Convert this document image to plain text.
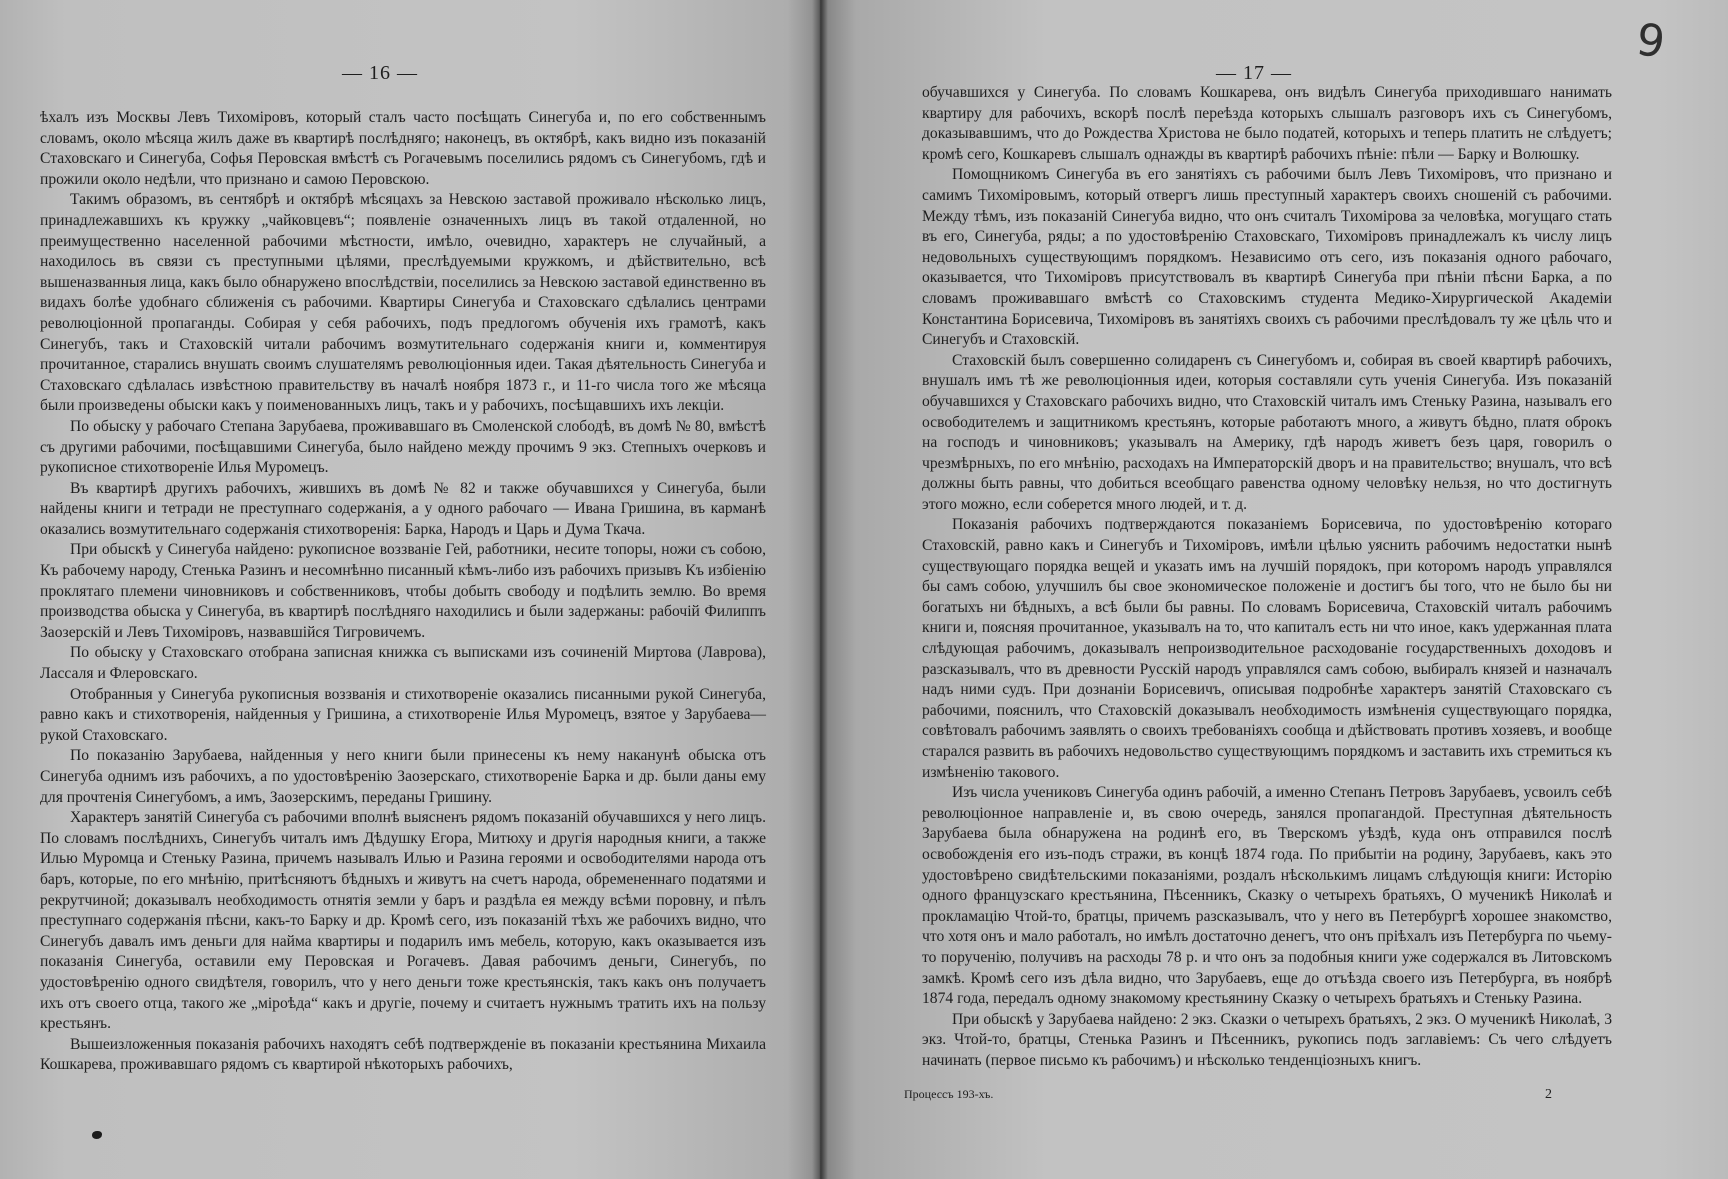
— 16 —

ѣхалъ изъ Москвы Левъ Тихоміровъ, который сталъ часто посѣщать Синегуба и, по его собственнымъ словамъ, около мѣсяца жилъ даже въ квартирѣ послѣдняго; наконецъ, въ октябрѣ, какъ видно изъ показаній Стаховскаго и Синегуба, Софья Перовская вмѣстѣ съ Рогачевымъ поселились рядомъ съ Синегубомъ, гдѣ и прожили около недѣли, что признано и самою Перовскою.

Такимъ образомъ, въ сентябрѣ и октябрѣ мѣсяцахъ за Невскою заставой проживало нѣсколько лицъ, принадлежавшихъ къ кружку „чайковцевъ“; появленіе означенныхъ лицъ въ такой отдаленной, но преимущественно населенной рабочими мѣстности, имѣло, очевидно, характеръ не случайный, а находилось въ связи съ преступными цѣлями, преслѣдуемыми кружкомъ, и дѣйствительно, всѣ вышеназванныя лица, какъ было обнаружено впослѣдствіи, поселились за Невскою заставой единственно въ видахъ болѣе удобнаго сближенія съ рабочими. Квартиры Синегуба и Стаховскаго сдѣлались центрами революціонной пропаганды. Собирая у себя рабочихъ, подъ предлогомъ обученія ихъ грамотѣ, какъ Синегубъ, такъ и Стаховскій читали рабочимъ возмутительнаго содержанія книги и, комментируя прочитанное, старались внушать своимъ слушателямъ революціонныя идеи. Такая дѣятельность Синегуба и Стаховскаго сдѣлалась извѣстною правительству въ началѣ ноября 1873 г., и 11-го числа того же мѣсяца были произведены обыски какъ у поименованныхъ лицъ, такъ и у рабочихъ, посѣщавшихъ ихъ лекціи.

По обыску у рабочаго Степана Зарубаева, проживавшаго въ Смоленской слободѣ, въ домѣ № 80, вмѣстѣ съ другими рабочими, посѣщавшими Синегуба, было найдено между прочимъ 9 экз. Степныхъ очерковъ и рукописное стихотвореніе Илья Муромецъ.

Въ квартирѣ другихъ рабочихъ, жившихъ въ домѣ № 82 и также обучавшихся у Синегуба, были найдены книги и тетради не преступнаго содержанія, а у одного рабочаго — Ивана Гришина, въ карманѣ оказались возмутительнаго содержанія стихотворенія: Барка, Народъ и Царь и Дума Ткача.

При обыскѣ у Синегуба найдено: рукописное воззваніе Гей, работники, несите топоры, ножи съ собою, Къ рабочему народу, Стенька Разинъ и несомнѣнно писанный кѣмъ-либо изъ рабочихъ призывъ Къ избіенію проклятаго племени чиновниковъ и собственниковъ, чтобы добыть свободу и подѣлить землю. Во время производства обыска у Синегуба, въ квартирѣ послѣдняго находились и были задержаны: рабочій Филиппъ Заозерскій и Левъ Тихоміровъ, назвавшійся Тигровичемъ.

По обыску у Стаховскаго отобрана записная книжка съ выписками изъ сочиненій Миртова (Лаврова), Лассаля и Флеровскаго.

Отобранныя у Синегуба рукописныя воззванія и стихотвореніе оказались писанными рукой Синегуба, равно какъ и стихотворенія, найденныя у Гришина, а стихотвореніе Илья Муромецъ, взятое у Зарубаева—рукой Стаховскаго.

По показанію Зарубаева, найденныя у него книги были принесены къ нему наканунѣ обыска отъ Синегуба однимъ изъ рабочихъ, а по удостовѣренію Заозерскаго, стихотвореніе Барка и др. были даны ему для прочтенія Синегубомъ, а имъ, Заозерскимъ, переданы Гришину.

Характеръ занятій Синегуба съ рабочими вполнѣ выясненъ рядомъ показаній обучавшихся у него лицъ. По словамъ послѣднихъ, Синегубъ читалъ имъ Дѣдушку Егора, Митюху и другія народныя книги, а также Илью Муромца и Стеньку Разина, причемъ называлъ Илью и Разина героями и освободителями народа отъ баръ, которые, по его мнѣнію, притѣсняютъ бѣдныхъ и живутъ на счетъ народа, обремененнаго податями и рекрутчиной; доказывалъ необходимость отнятія земли у баръ и раздѣла ея между всѣми поровну, и пѣлъ преступнаго содержанія пѣсни, какъ-то Барку и др. Кромѣ сего, изъ показаній тѣхъ же рабочихъ видно, что Синегубъ давалъ имъ деньги для найма квартиры и подарилъ имъ мебель, которую, какъ оказывается изъ показанія Синегуба, оставили ему Перовская и Рогачевъ. Давая рабочимъ деньги, Синегубъ, по удостовѣренію одного свидѣтеля, говорилъ, что у него деньги тоже крестьянскія, такъ какъ онъ получаетъ ихъ отъ своего отца, такого же „міроѣда“ какъ и другіе, почему и считаетъ нужнымъ тратить ихъ на пользу крестьянъ.

Вышеизложенныя показанія рабочихъ находятъ себѣ подтвержденіе въ показаніи крестьянина Михаила Кошкарева, проживавшаго рядомъ съ квартирой нѣкоторыхъ рабочихъ,

— 17 —

обучавшихся у Синегуба. По словамъ Кошкарева, онъ видѣлъ Синегуба приходившаго нанимать квартиру для рабочихъ, вскорѣ послѣ переѣзда которыхъ слышалъ разговоръ ихъ съ Синегубомъ, доказывавшимъ, что до Рождества Христова не было податей, которыхъ и теперь платить не слѣдуетъ; кромѣ сего, Кошкаревъ слышалъ однажды въ квартирѣ рабочихъ пѣніе: пѣли — Барку и Волюшку.

Помощникомъ Синегуба въ его занятіяхъ съ рабочими былъ Левъ Тихоміровъ, что признано и самимъ Тихоміровымъ, который отвергъ лишь преступный характеръ своихъ сношеній съ рабочими. Между тѣмъ, изъ показаній Синегуба видно, что онъ считалъ Тихомірова за человѣка, могущаго стать въ его, Синегуба, ряды; а по удостовѣренію Стаховскаго, Тихоміровъ принадлежалъ къ числу лицъ недовольныхъ существующимъ порядкомъ. Независимо отъ сего, изъ показанія одного рабочаго, оказывается, что Тихоміровъ присутствовалъ въ квартирѣ Синегуба при пѣніи пѣсни Барка, а по словамъ проживавшаго вмѣстѣ со Стаховскимъ студента Медико-Хирургической Академіи Константина Борисевича, Тихоміровъ въ занятіяхъ своихъ съ рабочими преслѣдовалъ ту же цѣль что и Синегубъ и Стаховскій.

Стаховскій былъ совершенно солидаренъ съ Синегубомъ и, собирая въ своей квартирѣ рабочихъ, внушалъ имъ тѣ же революціонныя идеи, которыя составляли суть ученія Синегуба. Изъ показаній обучавшихся у Стаховскаго рабочихъ видно, что Стаховскій читалъ имъ Стеньку Разина, называлъ его освободителемъ и защитникомъ крестьянъ, которые работаютъ много, а живутъ бѣдно, платя оброкъ на господъ и чиновниковъ; указывалъ на Америку, гдѣ народъ живетъ безъ царя, говорилъ о чрезмѣрныхъ, по его мнѣнію, расходахъ на Императорскій дворъ и на правительство; внушалъ, что всѣ должны быть равны, что добиться всеобщаго равенства одному человѣку нельзя, но что достигнуть этого можно, если соберется много людей, и т. д.

Показанія рабочихъ подтверждаются показаніемъ Борисевича, по удостовѣренію котораго Стаховскій, равно какъ и Синегубъ и Тихоміровъ, имѣли цѣлью уяснить рабочимъ недостатки нынѣ существующаго порядка вещей и указать имъ на лучшій порядокъ, при которомъ народъ управлялся бы самъ собою, улучшилъ бы свое экономическое положеніе и достигъ бы того, что не было бы ни богатыхъ ни бѣдныхъ, а всѣ были бы равны. По словамъ Борисевича, Стаховскій читалъ рабочимъ книги и, поясняя прочитанное, указывалъ на то, что капиталъ есть ни что иное, какъ удержанная плата слѣдующая рабочимъ, доказывалъ непроизводительное расходованіе государственныхъ доходовъ и разсказывалъ, что въ древности Русскій народъ управлялся самъ собою, выбиралъ князей и назначалъ надъ ними судъ. При дознаніи Борисевичъ, описывая подробнѣе характеръ занятій Стаховскаго съ рабочими, пояснилъ, что Стаховскій доказывалъ необходимость измѣненія существующаго порядка, совѣтовалъ рабочимъ заявлять о своихъ требованіяхъ сообща и дѣйствовать противъ хозяевъ, и вообще старался развить въ рабочихъ недовольство существующимъ порядкомъ и заставить ихъ стремиться къ измѣненію такового.

Изъ числа учениковъ Синегуба одинъ рабочій, а именно Степанъ Петровъ Зарубаевъ, усвоилъ себѣ революціонное направленіе и, въ свою очередь, занялся пропагандой. Преступная дѣятельность Зарубаева была обнаружена на родинѣ его, въ Тверскомъ уѣздѣ, куда онъ отправился послѣ освобожденія его изъ-подъ стражи, въ концѣ 1874 года. По прибытіи на родину, Зарубаевъ, какъ это удостовѣрено свидѣтельскими показаніями, роздалъ нѣсколькимъ лицамъ слѣдующія книги: Исторію одного французскаго крестьянина, Пѣсенникъ, Сказку о четырехъ братьяхъ, О мученикѣ Николаѣ и прокламацію Чтой-то, братцы, причемъ разсказывалъ, что у него въ Петербургѣ хорошее знакомство, что хотя онъ и мало работалъ, но имѣлъ достаточно денегъ, что онъ пріѣхалъ изъ Петербурга по чьему-то порученію, получивъ на расходы 78 р. и что онъ за подобныя книги уже содержался въ Литовскомъ замкѣ. Кромѣ сего изъ дѣла видно, что Зарубаевъ, еще до отъѣзда своего изъ Петербурга, въ ноябрѣ 1874 года, передалъ одному знакомому крестьянину Сказку о четырехъ братьяхъ и Стеньку Разина.

При обыскѣ у Зарубаева найдено: 2 экз. Сказки о четырехъ братьяхъ, 2 экз. О мученикѣ Николаѣ, 3 экз. Чтой-то, братцы, Стенька Разинъ и Пѣсенникъ, рукопись подъ заглавіемъ: Съ чего слѣдуетъ начинать (первое письмо къ рабочимъ) и нѣсколько тенденціозныхъ книгъ.

Процессъ 193-хъ.	2
9
